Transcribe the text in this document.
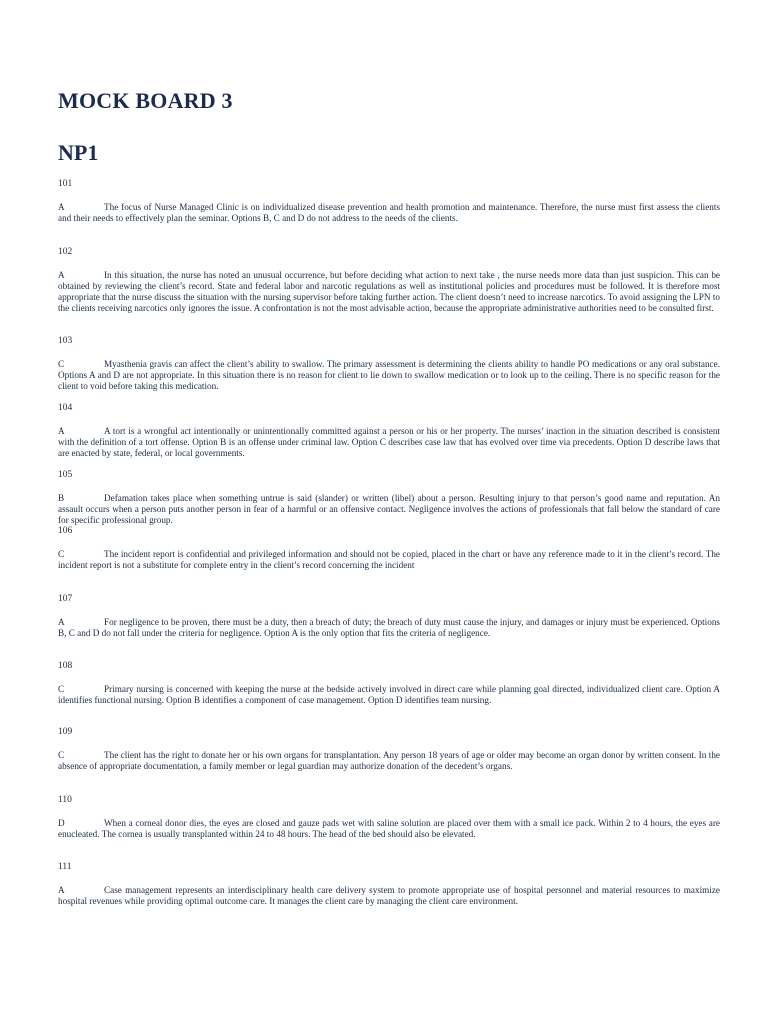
MOCK BOARD 3
NP1
101
A	The focus of Nurse Managed Clinic is on individualized disease prevention and health promotion and maintenance. Therefore, the nurse must first assess the clients and their needs to effectively plan the seminar. Options B, C and D do not address to the needs of the clients.
102
A	In this situation, the nurse has noted an unusual occurrence, but before deciding what action to next take , the nurse needs more data than just suspicion. This can be obtained by reviewing the client’s record. State and federal labor and narcotic regulations as well as institutional policies and procedures must be followed. It is therefore most appropriate that the nurse discuss the situation with the nursing supervisor before taking further action. The client doesn’t need to increase narcotics. To avoid assigning the LPN to the clients receiving narcotics only ignores the issue. A confrontation is not the most advisable action, because the appropriate administrative authorities need to be consulted first.
103
C	Myasthenia gravis can affect the client’s ability to swallow. The primary assessment is determining the clients ability to handle PO medications or any oral substance. Options A and D are not appropriate. In this situation there is no reason for client to lie down to swallow medication or to look up to the ceiling. There is no specific reason for the client to void before taking this medication.
104
A	A tort is a wrongful act intentionally or unintentionally committed against a person or his or her property. The nurses’ inaction in the situation described is consistent with the definition of a tort offense. Option B is an offense under criminal law. Option C describes case law that has evolved over time via precedents. Option D describe laws that are enacted by state, federal, or local governments.
105
B	Defamation takes place when something untrue is said (slander) or written (libel) about a person. Resulting injury to that person’s good name and reputation. An assault occurs when a person puts another person in fear of a harmful or an offensive contact. Negligence involves the actions of professionals that fall below the standard of care for specific professional group.
106
C	The incident report is confidential and privileged information and should not be copied, placed in the chart or have any reference made to it in the client’s record. The incident report is not a substitute for complete entry in the client’s record concerning the incident
107
A	For negligence to be proven, there must be a duty, then a breach of duty; the breach of duty must cause the injury, and damages or injury must be experienced. Options B, C and D do not fall under the criteria for negligence. Option A is the only option that fits the criteria of negligence.
108
C	Primary nursing is concerned with keeping the nurse at the bedside actively involved in direct care while planning goal directed, individualized client care. Option A identifies functional nursing. Option B identifies a component of case management. Option D identifies team nursing.
109
C	The client has the right to donate her or his own organs for transplantation. Any person 18 years of age or older may become an organ donor by written consent. In the absence of appropriate documentation, a family member or legal guardian may authorize donation of the decedent’s organs.
110
D	When a corneal donor dies, the eyes are closed and gauze pads wet with saline solution are placed over them with a small ice pack. Within 2 to 4 hours, the eyes are enucleated. The cornea is usually transplanted within 24 to 48 hours. The head of the bed should also be elevated.
111
A	Case management represents an interdisciplinary health care delivery system to promote appropriate use of hospital personnel and material resources to maximize hospital revenues while providing optimal outcome care. It manages the client care by managing the client care environment.
